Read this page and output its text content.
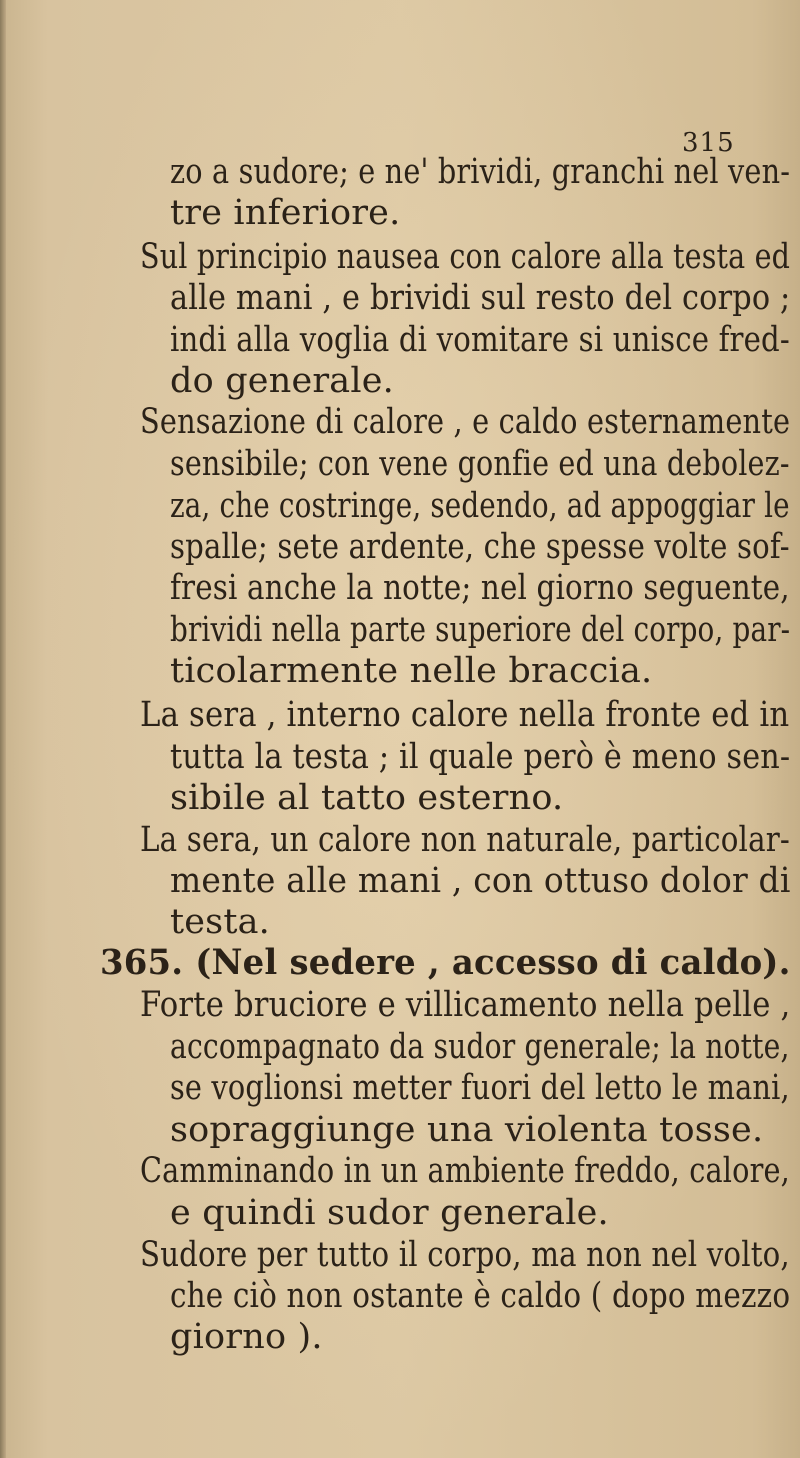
315
zo a sudore; e ne' brividi, granchi nel ven-
tre inferiore.
Sul principio nausea con calore alla testa ed
alle mani , e brividi sul resto del corpo ;
indi alla voglia di vomitare si unisce fred-
do generale.
Sensazione di calore , e caldo esternamente
sensibile; con vene gonfie ed una debolez-
za, che costringe, sedendo, ad appoggiar le
spalle; sete ardente, che spesse volte sof-
fresi anche la notte; nel giorno seguente,
brividi nella parte superiore del corpo, par-
ticolarmente nelle braccia.
La sera , interno calore nella fronte ed in
tutta la testa ; il quale però è meno sen-
sibile al tatto esterno.
La sera, un calore non naturale, particolar-
mente alle mani , con ottuso dolor di
testa.
365. (Nel sedere , accesso di caldo).
Forte bruciore e villicamento nella pelle ,
accompagnato da sudor generale; la notte,
se voglionsi metter fuori del letto le mani,
sopraggiunge una violenta tosse.
Camminando in un ambiente freddo, calore,
e quindi sudor generale.
Sudore per tutto il corpo, ma non nel volto,
che ciò non ostante è caldo ( dopo mezzo
giorno ).
